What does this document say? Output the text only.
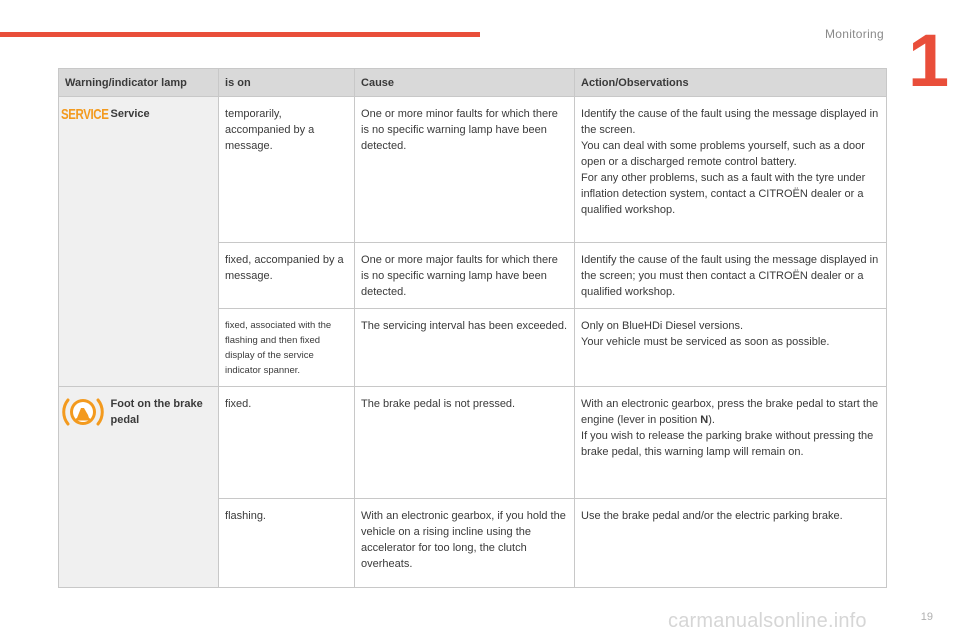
Monitoring 1
Warning/indicator lamp		is on	Cause	Action/Observations
SERVICE	Service	temporarily, accompanied by a message.	One or more minor faults for which there is no specific warning lamp have been detected.	Identify the cause of the fault using the message displayed in the screen.
You can deal with some problems yourself, such as a door open or a discharged remote control battery.
For any other problems, such as a fault with the tyre under inflation detection system, contact a CITROËN dealer or a qualified workshop.
		fixed, accompanied by a message.	One or more major faults for which there is no specific warning lamp have been detected.	Identify the cause of the fault using the message displayed in the screen; you must then contact a CITROËN dealer or a qualified workshop.
		fixed, associated with the flashing and then fixed display of the service indicator spanner.	The servicing interval has been exceeded.	Only on BlueHDi Diesel versions.
Your vehicle must be serviced as soon as possible.
	Foot on the brake pedal	fixed.	The brake pedal is not pressed.	With an electronic gearbox, press the brake pedal to start the engine (lever in position N).
If you wish to release the parking brake without pressing the brake pedal, this warning lamp will remain on.
		flashing.	With an electronic gearbox, if you hold the vehicle on a rising incline using the accelerator for too long, the clutch overheats.	Use the brake pedal and/or the electric parking brake.
carmanualsonline.info	19
